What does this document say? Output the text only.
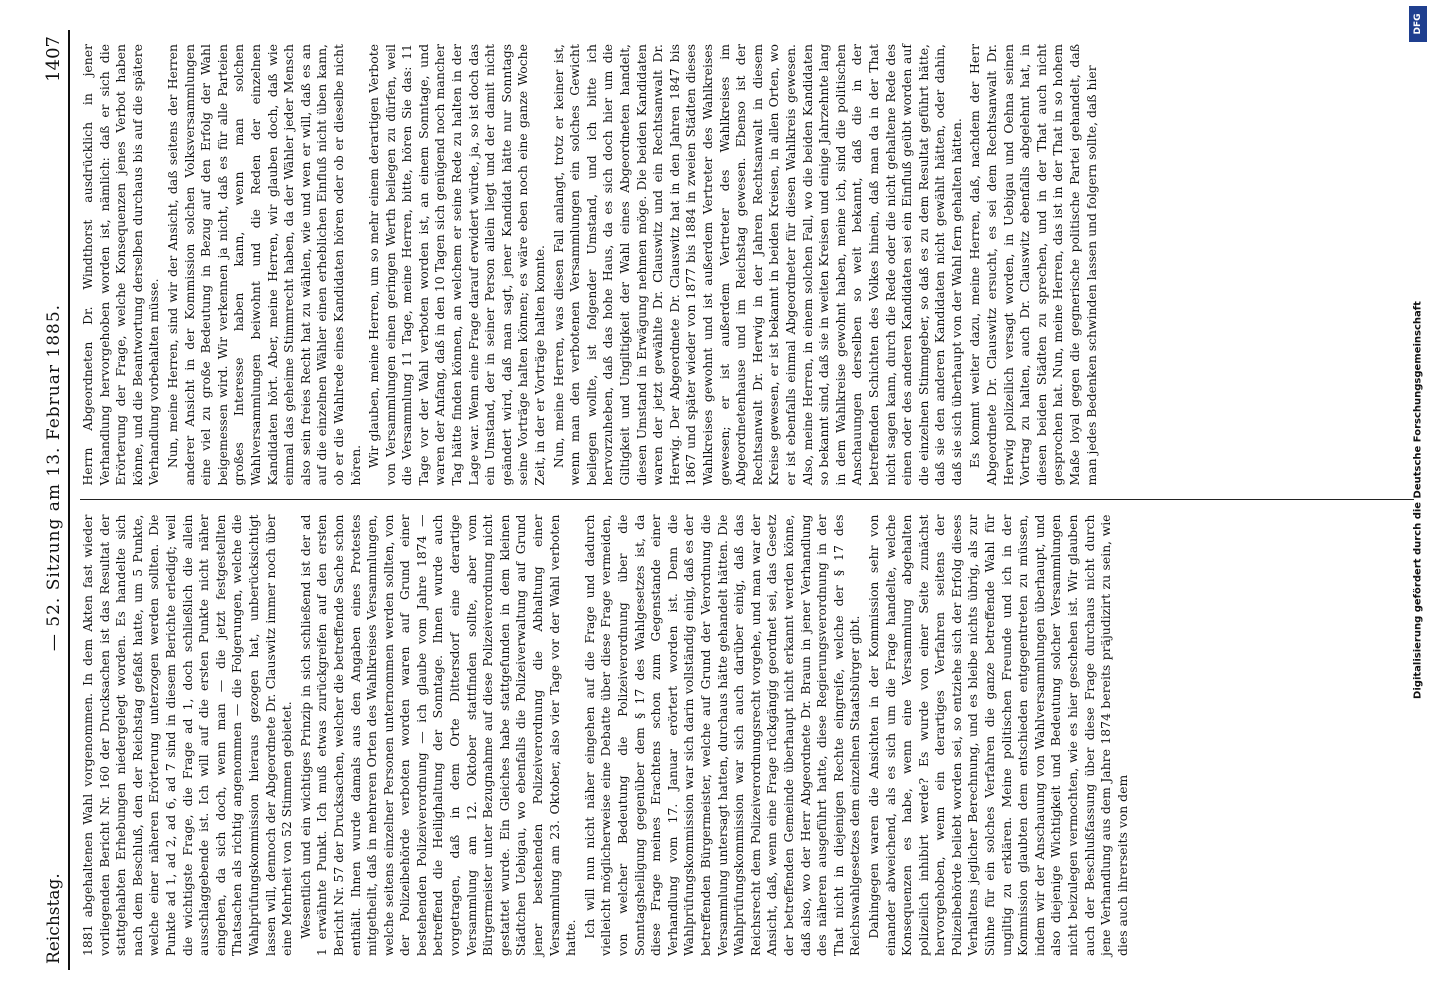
Reichstag.
— 52. Sitzung am 13. Februar 1885.
1407

1881 abgehaltenen Wahl vorgenommen. In dem Akten fast wieder vorliegenden Bericht Nr. 160 der Drucksachen ist das Resultat der stattgehabten Erhebungen niedergelegt worden. Es handelte sich nach dem Beschluß, den der Reichstag gefaßt hatte, um 5 Punkte, welche einer näheren Erörterung unterzogen werden sollten. Die Punkte ad 1, ad 2, ad 6, ad 7 sind in diesem Berichte erledigt; weil die wichtigste Frage, die Frage ad 1, doch schließlich die allein ausschlaggebende ist. Ich will auf die ersten Punkte nicht näher eingehen, da sich doch, wenn man — die jetzt festgestellten Thatsachen als richtig angenommen — die Folgerungen, welche die Wahlprüfungskommission hieraus gezogen hat, unberücksichtigt lassen will, dennoch der Abgeordnete Dr. Clauswitz immer noch über eine Mehrheit von 52 Stimmen gebietet. Wesentlich und ein wichtiges Prinzip in sich schließend ist der ad 1 erwähnte Punkt. Ich muß etwas zurückgreifen auf den ersten Bericht Nr. 57 der Drucksachen, welcher die betreffende Sache schon enthält. Ihnen wurde damals aus den Angaben eines Protestes mitgetheilt, daß in mehreren Orten des Wahlkreises Versammlungen, welche seitens einzelner Personen unternommen werden sollten, von der Polizeibehörde verboten worden waren auf Grund einer bestehenden Polizeiverordnung — ich glaube vom Jahre 1874 — betreffend die Heilighaltung der Sonntage. Ihnen wurde auch vorgetragen, daß in dem Orte Dittersdorf eine derartige Versammlung am 12. Oktober stattfinden sollte, aber vom Bürgermeister unter Bezugnahme auf diese Polizeiverordnung nicht gestattet wurde. Ein Gleiches habe stattgefunden in dem kleinen Städtchen Uebigau, wo ebenfalls die Polizeiverwaltung auf Grund jener bestehenden Polizeiverordnung die Abhaltung einer Versammlung am 23. Oktober, also vier Tage vor der Wahl verboten hatte. Ich will nun nicht näher eingehen auf die Frage und dadurch vielleicht möglicherweise eine Debatte über diese Frage vermeiden, von welcher Bedeutung die Polizeiverordnung über die Sonntagsheiligung gegenüber dem § 17 des Wahlgesetzes ist, da diese Frage meines Erachtens schon zum Gegenstande einer Verhandlung vom 17. Januar erörtert worden ist. Denn die Wahlprüfungskommission war sich darin vollständig einig, daß es der betreffenden Bürgermeister, welche auf Grund der Verordnung die Versammlung untersagt hatten, durchaus hätte gehandelt hätten. Die Wahlprüfungskommission war sich auch darüber einig, daß das Reichsrecht dem Polizeiverordnungsrecht vorgehe, und man war der Ansicht, daß, wenn eine Frage rückgängig geordnet sei, das Gesetz der betreffenden Gemeinde überhaupt nicht erkannt werden könne, daß also, wo der Herr Abgeordnete Dr. Braun in jener Verhandlung des näheren ausgeführt hatte, diese Regierungsverordnung in der That nicht in diejenigen Rechte eingreife, welche der § 17 des Reichswahlgesetzes dem einzelnen Staatsbürger gibt. Dahingegen waren die Ansichten in der Kommission sehr von einander abweichend, als es sich um die Frage handelte, welche Konsequenzen es habe, wenn eine Versammlung abgehalten polizeilich inhibirt werde? Es wurde von einer Seite zunächst hervorgehoben, wenn ein derartiges Verfahren seitens der Polizeibehörde beliebt worden sei, so entziehe sich der Erfolg dieses Verhaltens jeglicher Berechnung, und es bleibe nichts übrig, als zur Sühne für ein solches Verfahren die ganze betreffende Wahl für ungiltig zu erklären. Meine politischen Freunde und ich in der Kommission glaubten dem entschieden entgegentreten zu müssen, indem wir der Anschauung von Wahlversammlungen überhaupt, und also diejenige Wichtigkeit und Bedeutung solcher Versammlungen nicht beizulegen vermochten, wie es hier geschehen ist. Wir glauben auch der Beschlußfassung über diese Frage durchaus nicht durch jene Verhandlung aus dem Jahre 1874 bereits präjudizirt zu sein, wie dies auch ihrerseits von dem

Herrn Abgeordneten Dr. Windthorst ausdrücklich in jener Verhandlung hervorgehoben worden ist, nämlich: daß er sich die Erörterung der Frage, welche Konsequenzen jenes Verbot haben könne, und die Beantwortung derselben durchaus bis auf die spätere Verhandlung vorbehalten müsse. Nun, meine Herren, sind wir der Ansicht, daß seitens der Herren anderer Ansicht in der Kommission solchen Volksversammlungen eine viel zu große Bedeutung in Bezug auf den Erfolg der Wahl beigemessen wird. Wir verkennen ja nicht, daß es für alle Parteien großes Interesse haben kann, wenn man solchen Wahlversammlungen beiwohnt und die Reden der einzelnen Kandidaten hört. Aber, meine Herren, wir glauben doch, daß wie einmal das geheime Stimmrecht haben, da der Wähler jeder Mensch also sein freies Recht hat zu wählen, wie und wen er will, daß es an auf die einzelnen Wähler einen erheblichen Einfluß nicht üben kann, ob er die Wahlrede eines Kandidaten hören oder ob er dieselbe nicht hören. Wir glauben, meine Herren, um so mehr einem derartigen Verbote von Versammlungen einen geringen Werth beilegen zu dürfen, weil die Versammlung 11 Tage, meine Herren, bitte, hören Sie das: 11 Tage vor der Wahl verboten worden ist, an einem Sonntage, und waren der Anfang, daß in den 10 Tagen sich genügend noch mancher Tag hätte finden können, an welchem er seine Rede zu halten in der Lage war. Wenn eine Frage darauf erwidert würde, ja, so ist doch das ein Umstand, der in seiner Person allein liegt und der damit nicht geändert wird, daß man sagt, jener Kandidat hätte nur Sonntags seine Vorträge halten können; es wäre eben noch eine ganze Woche Zeit, in der er Vorträge halten konnte. Nun, meine Herren, was diesen Fall anlangt, trotz er keiner ist, wenn man den verbotenen Versammlungen ein solches Gewicht beilegen wollte, ist folgender Umstand, und ich bitte ich hervorzuheben, daß das hohe Haus, da es sich doch hier um die Giltigkeit und Ungiltigkeit der Wahl eines Abgeordneten handelt, diesen Umstand in Erwägung nehmen möge. Die beiden Kandidaten waren der jetzt gewählte Dr. Clauswitz und ein Rechtsanwalt Dr. Herwig. Der Abgeordnete Dr. Clauswitz hat in den Jahren 1847 bis 1867 und später wieder von 1877 bis 1884 in zweien Städten dieses Wahlkreises gewohnt und ist außerdem Vertreter des Wahlkreises gewesen; er ist außerdem Vertreter des Wahlkreises im Abgeordnetenhause und im Reichstag gewesen. Ebenso ist der Rechtsanwalt Dr. Herwig in der Jahren Rechtsanwalt in diesem Kreise gewesen, er ist bekannt in beiden Kreisen, in allen Orten, wo er ist ebenfalls einmal Abgeordneter für diesen Wahlkreis gewesen. Also, meine Herren, in einem solchen Fall, wo die beiden Kandidaten so bekannt sind, daß sie in weiten Kreisen und einige Jahrzehnte lang in dem Wahlkreise gewohnt haben, meine ich, sind die politischen Anschauungen derselben so weit bekannt, daß die in der betreffenden Schichten des Volkes hinein, daß man da in der That nicht sagen kann, durch die Rede oder die nicht gehaltene Rede des einen oder des anderen Kandidaten sei ein Einfluß geübt worden auf die einzelnen Stimmgeber, so daß es zu dem Resultat geführt hätte, daß sie den anderen Kandidaten nicht gewählt hätten, oder dahin, daß sie sich überhaupt von der Wahl fern gehalten hätten. Es kommt weiter dazu, meine Herren, daß, nachdem der Herr Abgeordnete Dr. Clauswitz ersucht, es sei dem Rechtsanwalt Dr. Herwig polizeilich versagt worden, in Uebigau und Oehna seinen Vortrag zu halten, auch Dr. Clauswitz ebenfalls abgelehnt hat, in diesen beiden Städten zu sprechen, und in der That auch nicht gesprochen hat. Nun, meine Herren, das ist in der That in so hohem Maße loyal gegen die gegnerische politische Partei gehandelt, daß man jedes Bedenken schwinden lassen und folgern sollte, daß hier

DFG
Digitalisierung gefördert durch die Deutsche Forschungsgemeinschaft
